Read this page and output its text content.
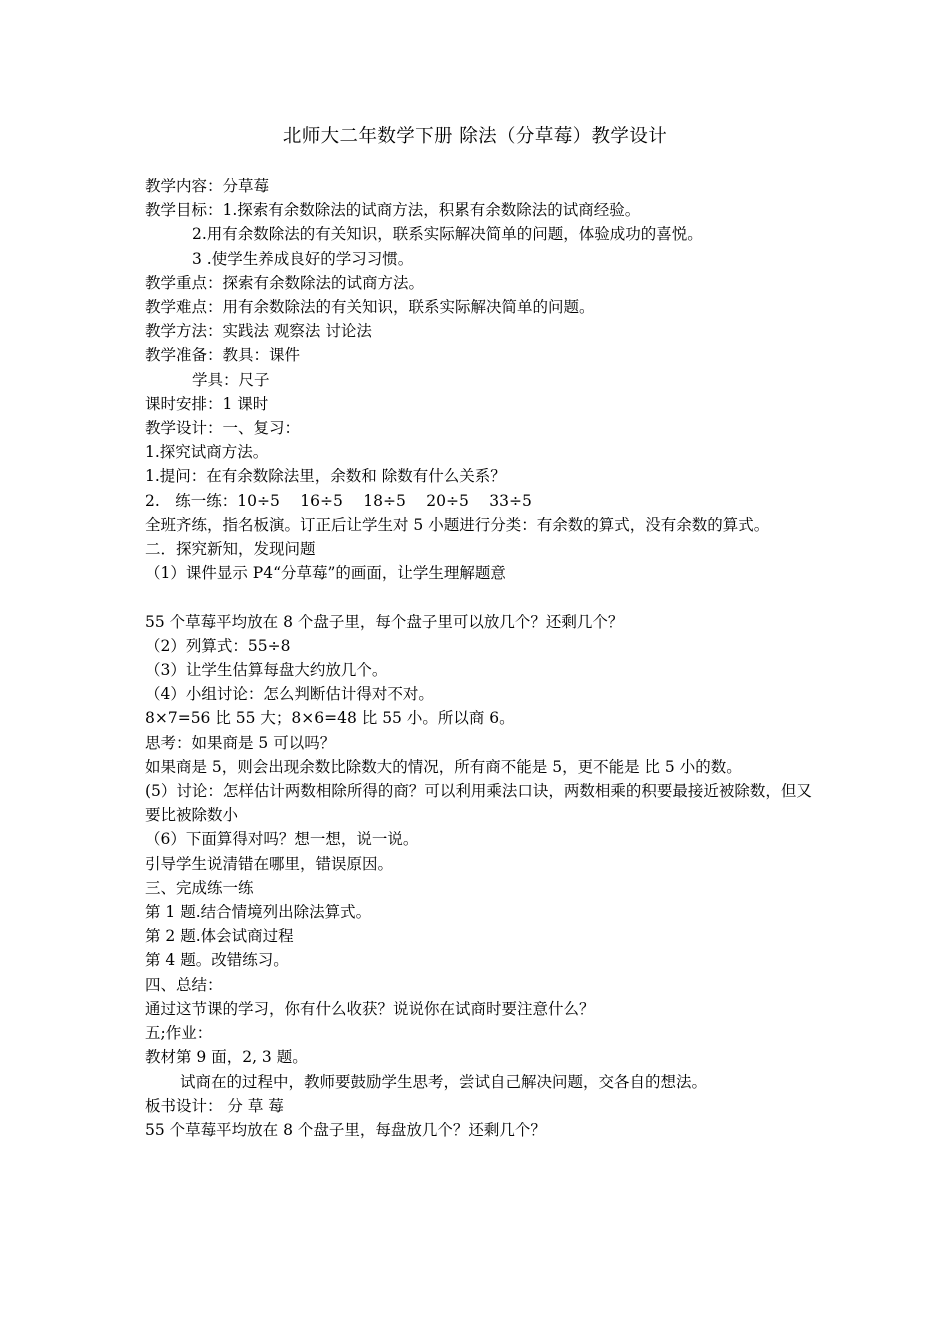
北师大二年数学下册 除法（分草莓）教学设计
教学内容：分草莓
教学目标：1.探索有余数除法的试商方法，积累有余数除法的试商经验。
2.用有余数除法的有关知识，联系实际解决简单的问题，体验成功的喜悦。
3 .使学生养成良好的学习习惯。
教学重点：探索有余数除法的试商方法。
教学难点：用有余数除法的有关知识，联系实际解决简单的问题。
教学方法：实践法 观察法 讨论法
教学准备：教具：课件
学具：尺子
课时安排：1 课时
教学设计：一、复习：
1.探究试商方法。
1.提问：在有余数除法里，余数和 除数有什么关系？
2.　练一练：10÷5　 16÷5　 18÷5　 20÷5　 33÷5
全班齐练，指名板演。订正后让学生对 5 小题进行分类：有余数的算式，没有余数的算式。
二．探究新知，发现问题
（1）课件显示 P4“分草莓”的画面，让学生理解题意
55 个草莓平均放在 8 个盘子里，每个盘子里可以放几个？还剩几个？
（2）列算式：55÷8
（3）让学生估算每盘大约放几个。
（4）小组讨论：怎么判断估计得对不对。
8×7=56 比 55 大；8×6=48 比 55 小。所以商 6。
思考：如果商是 5 可以吗？
如果商是 5，则会出现余数比除数大的情况，所有商不能是 5，更不能是 比 5 小的数。
(5）讨论：怎样估计两数相除所得的商？可以利用乘法口诀，两数相乘的积要最接近被除数，但又要比被除数小
（6）下面算得对吗？想一想，说一说。
引导学生说清错在哪里，错误原因。
三、完成练一练
第 1 题.结合情境列出除法算式。
第 2 题.体会试商过程
第 4 题。改错练习。
四、总结：
通过这节课的学习，你有什么收获？说说你在试商时要注意什么？
五;作业：
教材第 9 面，2, 3 题。
试商在的过程中，教师要鼓励学生思考，尝试自己解决问题，交各自的想法。
板书设计： 分 草 莓
55 个草莓平均放在 8 个盘子里，每盘放几个？还剩几个？
